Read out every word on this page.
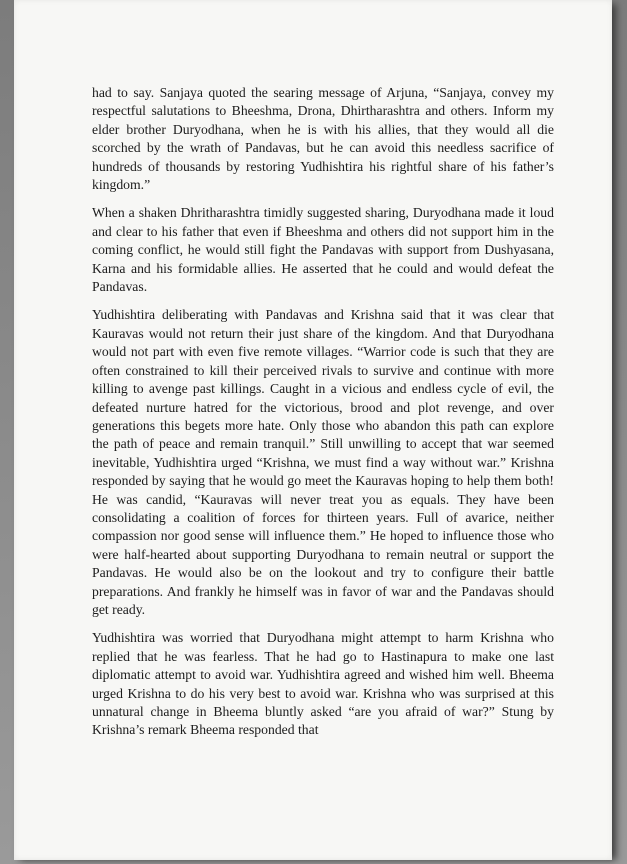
had to say. Sanjaya quoted the searing message of Arjuna, “Sanjaya, convey my respectful salutations to Bheeshma, Drona, Dhirtharashtra and others. Inform my elder brother Duryodhana, when he is with his allies, that they would all die scorched by the wrath of Pandavas, but he can avoid this needless sacrifice of hundreds of thousands by restoring Yudhishtira his rightful share of his father’s kingdom.”

When a shaken Dhritharashtra timidly suggested sharing, Duryodhana made it loud and clear to his father that even if Bheeshma and others did not support him in the coming conflict, he would still fight the Pandavas with support from Dushyasana, Karna and his formidable allies. He asserted that he could and would defeat the Pandavas.

Yudhishtira deliberating with Pandavas and Krishna said that it was clear that Kauravas would not return their just share of the kingdom. And that Duryodhana would not part with even five remote villages. “Warrior code is such that they are often constrained to kill their perceived rivals to survive and continue with more killing to avenge past killings. Caught in a vicious and endless cycle of evil, the defeated nurture hatred for the victorious, brood and plot revenge, and over generations this begets more hate. Only those who abandon this path can explore the path of peace and remain tranquil.” Still unwilling to accept that war seemed inevitable, Yudhishtira urged “Krishna, we must find a way without war.” Krishna responded by saying that he would go meet the Kauravas hoping to help them both! He was candid, “Kauravas will never treat you as equals. They have been consolidating a coalition of forces for thirteen years. Full of avarice, neither compassion nor good sense will influence them.” He hoped to influence those who were half-hearted about supporting Duryodhana to remain neutral or support the Pandavas. He would also be on the lookout and try to configure their battle preparations. And frankly he himself was in favor of war and the Pandavas should get ready.

Yudhishtira was worried that Duryodhana might attempt to harm Krishna who replied that he was fearless. That he had go to Hastinapura to make one last diplomatic attempt to avoid war. Yudhishtira agreed and wished him well. Bheema urged Krishna to do his very best to avoid war. Krishna who was surprised at this unnatural change in Bheema bluntly asked “are you afraid of war?” Stung by Krishna’s remark Bheema responded that
